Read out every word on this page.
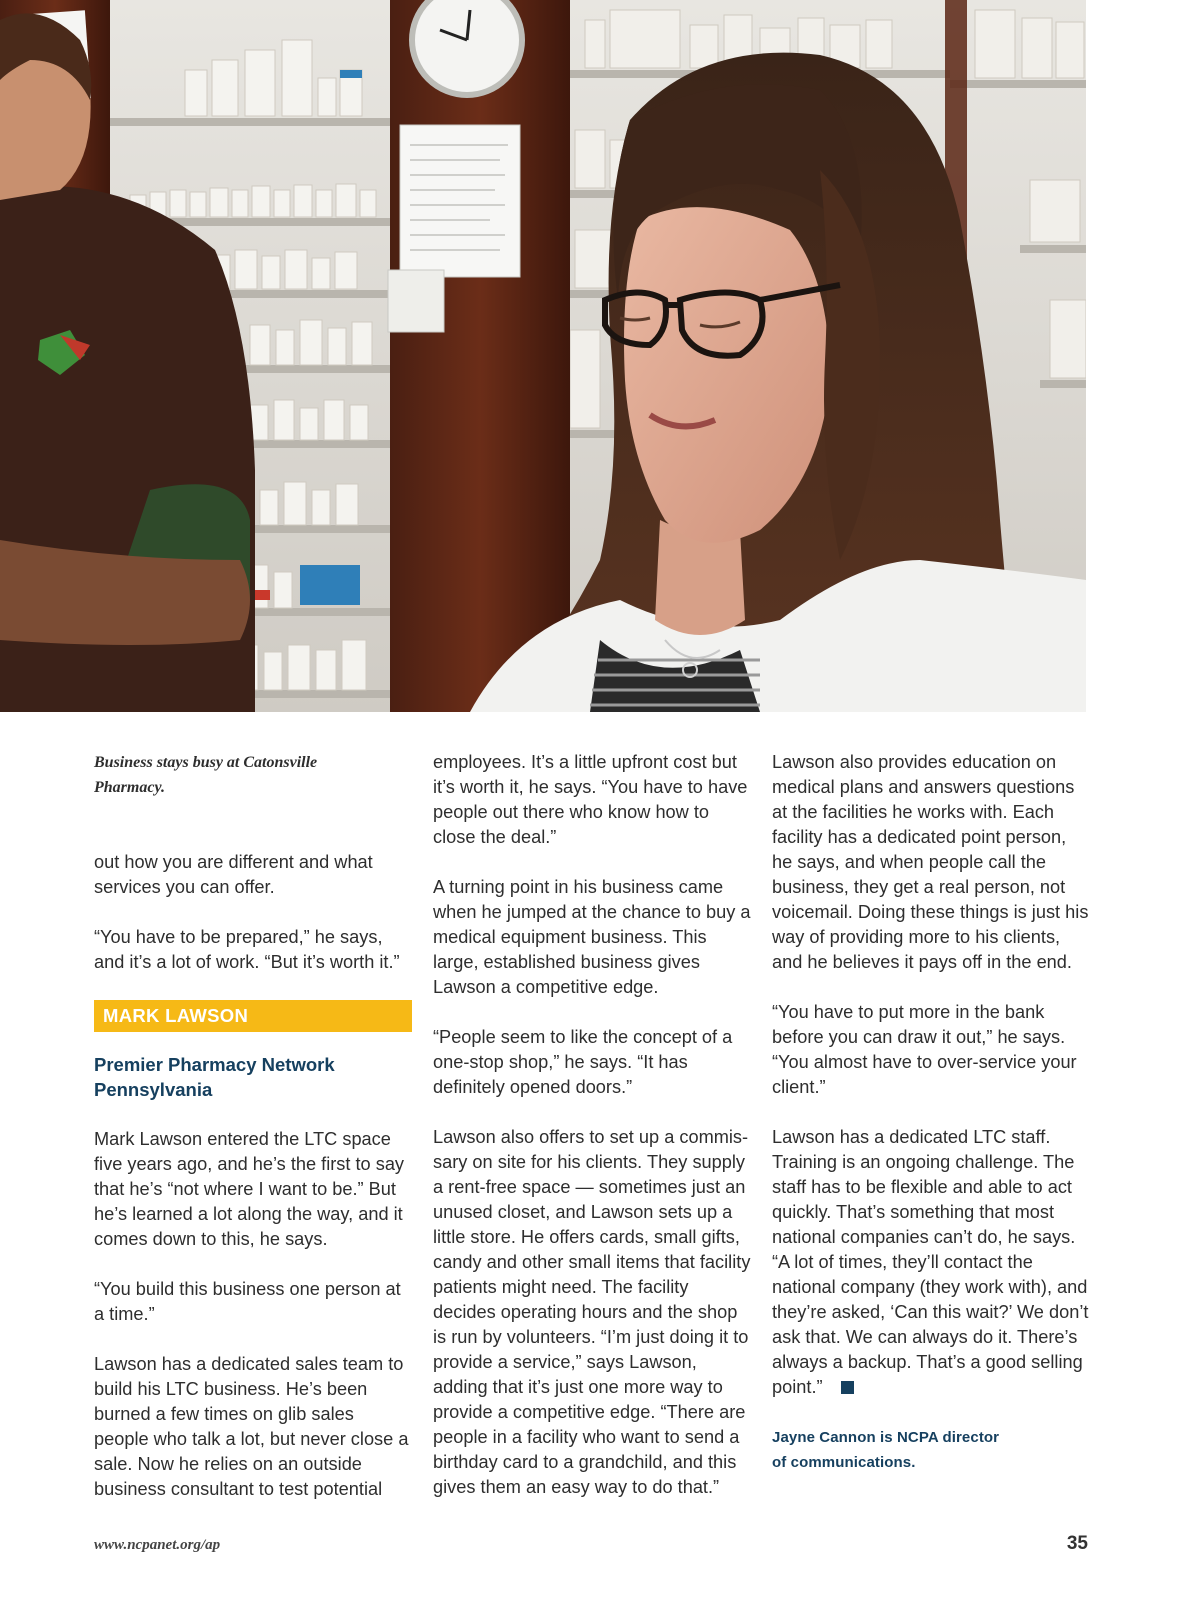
Business stays busy at Catonsville Pharmacy.

out how you are different and what services you can offer.

“You have to be prepared,” he says, and it’s a lot of work. “But it’s worth it.”

MARK LAWSON
Premier Pharmacy Network
Pennsylvania

Mark Lawson entered the LTC space five years ago, and he’s the first to say that he’s “not where I want to be.” But he’s learned a lot along the way, and it comes down to this, he says.

“You build this business one person at a time.”

Lawson has a dedicated sales team to build his LTC business. He’s been burned a few times on glib sales people who talk a lot, but never close a sale. Now he relies on an outside business consultant to test potential

employees. It’s a little upfront cost but it’s worth it, he says. “You have to have people out there who know how to close the deal.”

A turning point in his business came when he jumped at the chance to buy a medical equipment business. This large, established business gives Lawson a competitive edge.

“People seem to like the concept of a one-stop shop,” he says. “It has definitely opened doors.”

Lawson also offers to set up a commissary on site for his clients. They supply a rent-free space — sometimes just an unused closet, and Lawson sets up a little store. He offers cards, small gifts, candy and other small items that facility patients might need. The facility decides operating hours and the shop is run by volunteers. “I’m just doing it to provide a service,” says Lawson, adding that it’s just one more way to provide a competitive edge. “There are people in a facility who want to send a birthday card to a grandchild, and this gives them an easy way to do that.”

Lawson also provides education on medical plans and answers questions at the facilities he works with. Each facility has a dedicated point person, he says, and when people call the business, they get a real person, not voicemail. Doing these things is just his way of providing more to his clients, and he believes it pays off in the end.

“You have to put more in the bank before you can draw it out,” he says. “You almost have to over-service your client.”

Lawson has a dedicated LTC staff. Training is an ongoing challenge. The staff has to be flexible and able to act quickly. That’s something that most national companies can’t do, he says. “A lot of times, they’ll contact the national company (they work with), and they’re asked, ‘Can this wait?’ We don’t ask that. We can always do it. There’s always a backup. That’s a good selling point.”

Jayne Cannon is NCPA director
of communications.
www.ncpanet.org/ap	35
